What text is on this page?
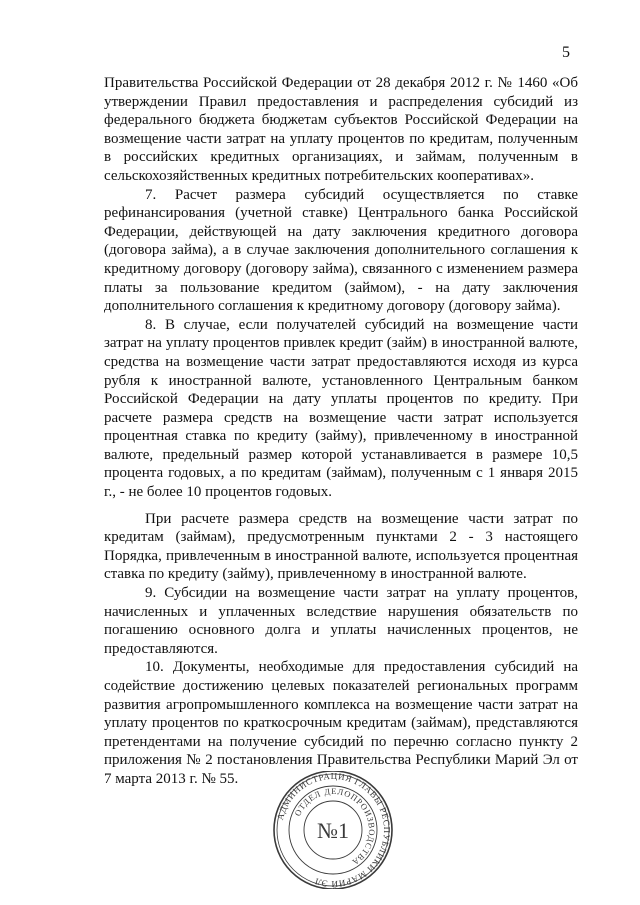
5

Правительства Российской Федерации от 28 декабря 2012 г. № 1460 «Об утверждении Правил предоставления и распределения субсидий из федерального бюджета бюджетам субъектов Российской Федерации на возмещение части затрат на уплату процентов по кредитам, полученным в российских кредитных организациях, и займам, полученным в сельскохозяйственных кредитных потребительских кооперативах».

7. Расчет размера субсидий осуществляется по ставке рефинансирования (учетной ставке) Центрального банка Российской Федерации, действующей на дату заключения кредитного договора (договора займа), а в случае заключения дополнительного соглашения к кредитному договору (договору займа), связанного с изменением размера платы за пользование кредитом (займом), - на дату заключения дополнительного соглашения к кредитному договору (договору займа).

8. В случае, если получателей субсидий на возмещение части затрат на уплату процентов привлек кредит (займ) в иностранной валюте, средства на возмещение части затрат предоставляются исходя из курса рубля к иностранной валюте, установленного Центральным банком Российской Федерации на дату уплаты процентов по кредиту. При расчете размера средств на возмещение части затрат используется процентная ставка по кредиту (займу), привлеченному в иностранной валюте, предельный размер которой устанавливается в размере 10,5 процента годовых, а по кредитам (займам), полученным с 1 января 2015 г., - не более 10 процентов годовых.

При расчете размера средств на возмещение части затрат по кредитам (займам), предусмотренным пунктами 2 - 3 настоящего Порядка, привлеченным в иностранной валюте, используется процентная ставка по кредиту (займу), привлеченному в иностранной валюте.

9. Субсидии на возмещение части затрат на уплату процентов, начисленных и уплаченных вследствие нарушения обязательств по погашению основного долга и уплаты начисленных процентов, не предоставляются.

10. Документы, необходимые для предоставления субсидий на содействие достижению целевых показателей региональных программ развития агропромышленного комплекса на возмещение части затрат на уплату процентов по краткосрочным кредитам (займам), представляются претендентами на получение субсидий по перечню согласно пункту 2 приложения № 2 постановления Правительства Республики Марий Эл от 7 марта 2013 г. № 55.

АДМИНИСТРАЦИЯ ГЛАВЫ РЕСПУБЛИКИ МАРИЙ ЭЛ
ОТДЕЛ ДЕЛОПРОИЗВОДСТВА
№1
